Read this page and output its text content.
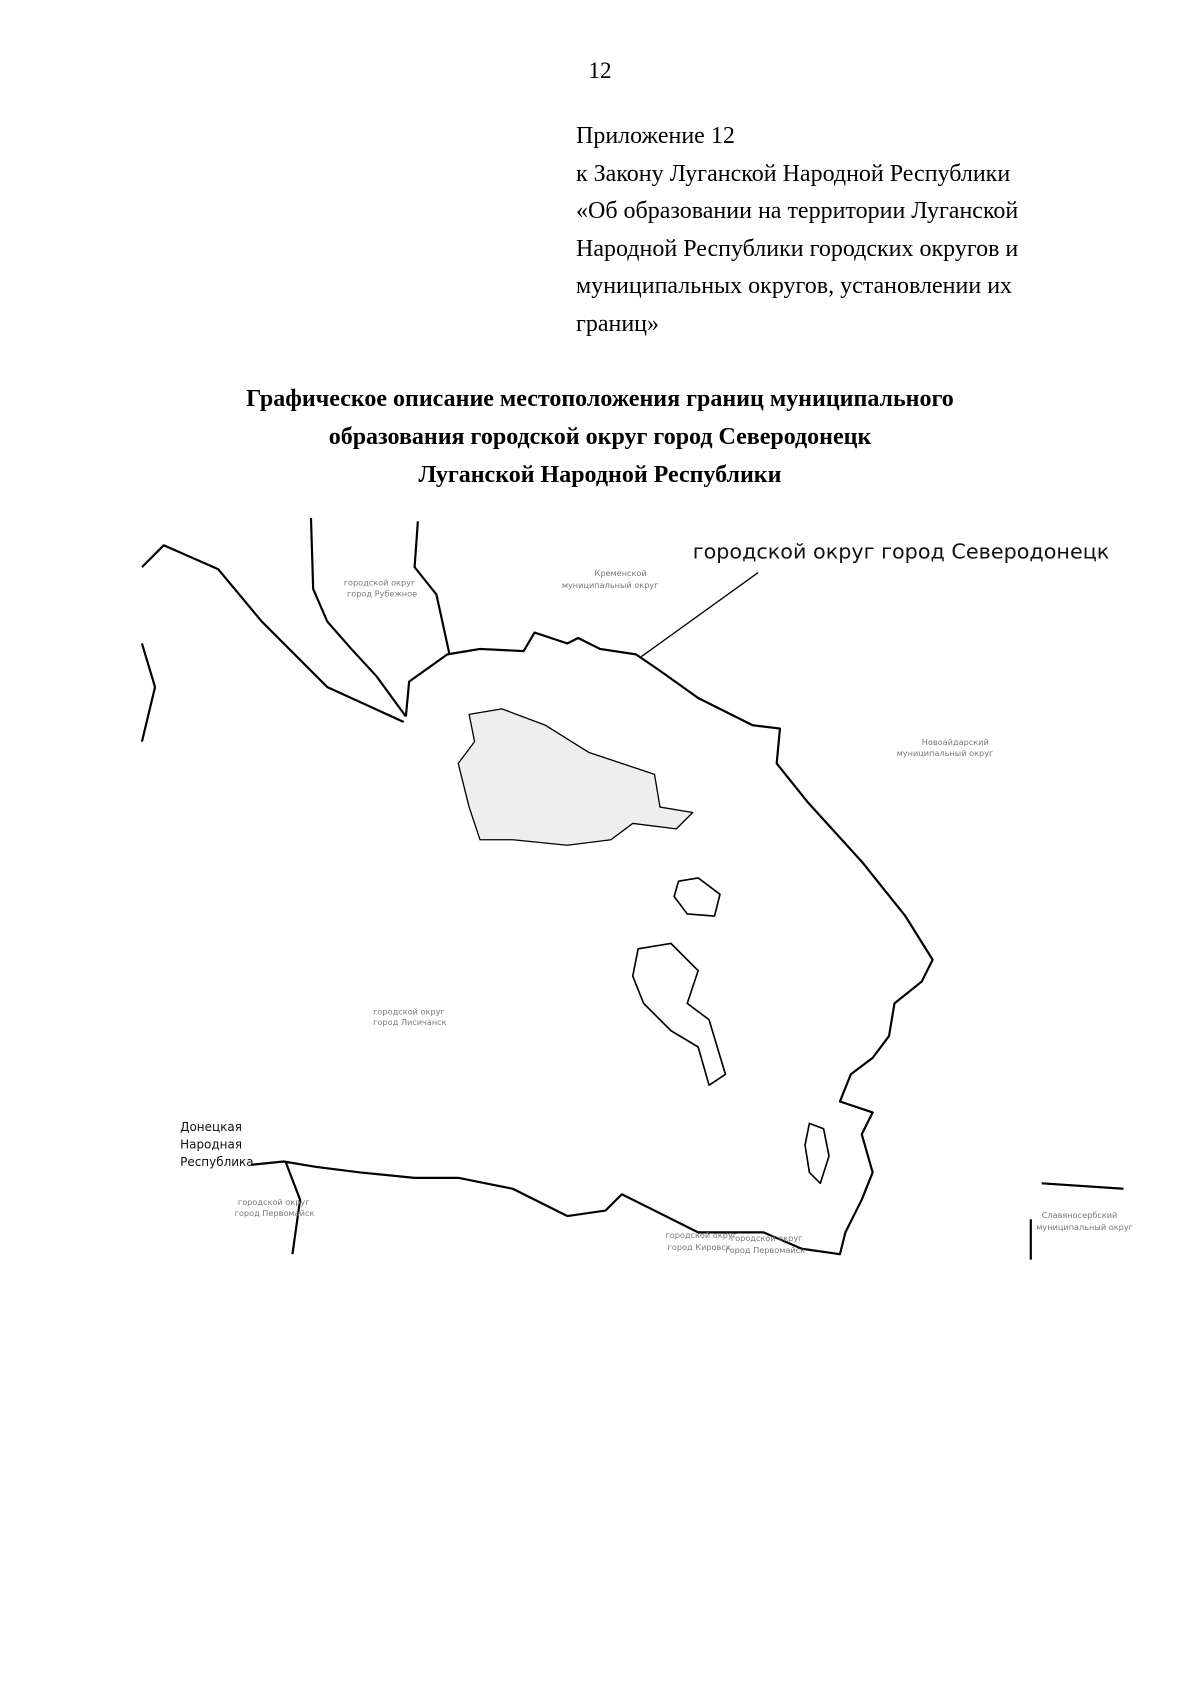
12
Приложение 12
к Закону Луганской Народной Республики
«Об образовании на территории Луганской
Народной Республики городских округов и
муниципальных округов, установлении их
границ»
Графическое описание местоположения границ муниципального
образования городской округ город Северодонецк
Луганской Народной Республики
городской округ город Северодонецк
городской округ
город Рубежное
Кременской
муниципальный округ
Новоайдарский
муниципальный округ
городской округ
город Лисичанск
Донецкая
Народная
Республика
городской округ
город Первомайск
городской округ
город Кировск
городской округ
город Первомайск
Славяносербский
муниципальный округ
